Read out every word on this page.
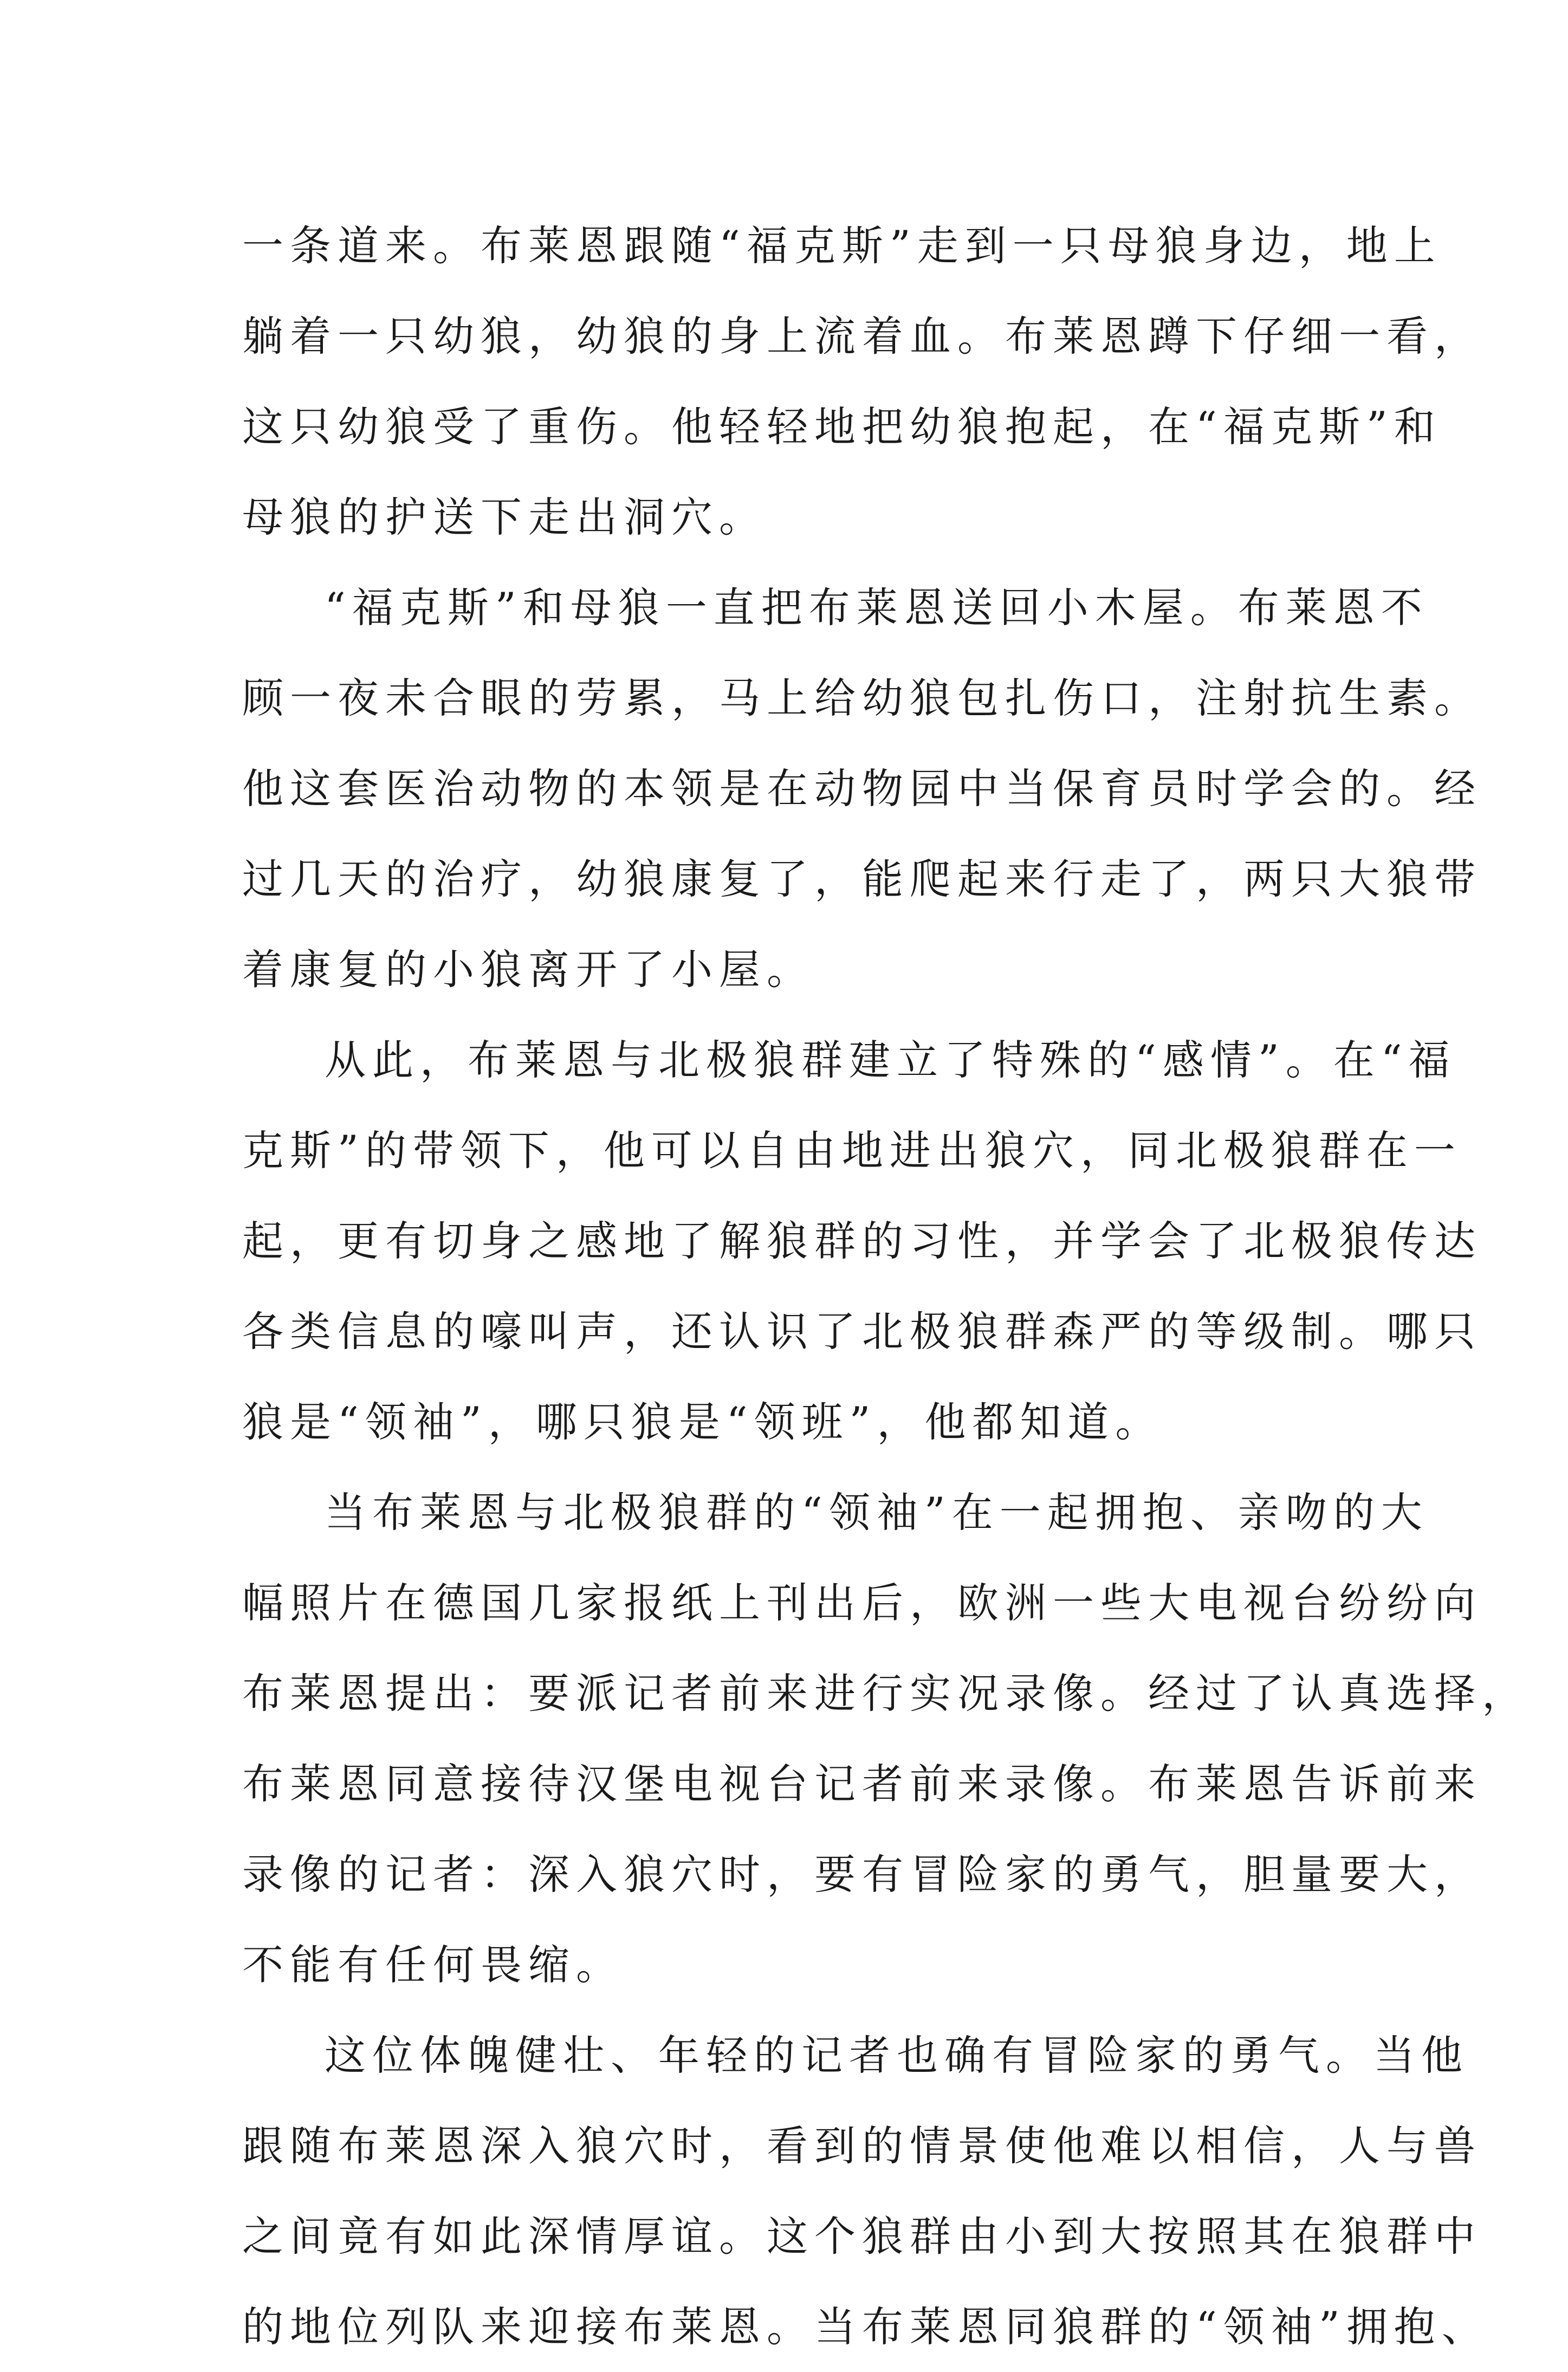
一条道来。布莱恩跟随“福克斯”走到一只母狼身边，地上
躺着一只幼狼，幼狼的身上流着血。布莱恩蹲下仔细一看，
这只幼狼受了重伤。他轻轻地把幼狼抱起，在“福克斯”和
母狼的护送下走出洞穴。
“福克斯”和母狼一直把布莱恩送回小木屋。布莱恩不
顾一夜未合眼的劳累，马上给幼狼包扎伤口，注射抗生素。
他这套医治动物的本领是在动物园中当保育员时学会的。经
过几天的治疗，幼狼康复了，能爬起来行走了，两只大狼带
着康复的小狼离开了小屋。
从此，布莱恩与北极狼群建立了特殊的“感情”。在“福
克斯”的带领下，他可以自由地进出狼穴，同北极狼群在一
起，更有切身之感地了解狼群的习性，并学会了北极狼传达
各类信息的嚎叫声，还认识了北极狼群森严的等级制。哪只
狼是“领袖”，哪只狼是“领班”，他都知道。
当布莱恩与北极狼群的“领袖”在一起拥抱、亲吻的大
幅照片在德国几家报纸上刊出后，欧洲一些大电视台纷纷向
布莱恩提出：要派记者前来进行实况录像。经过了认真选择，
布莱恩同意接待汉堡电视台记者前来录像。布莱恩告诉前来
录像的记者：深入狼穴时，要有冒险家的勇气，胆量要大，
不能有任何畏缩。
这位体魄健壮、年轻的记者也确有冒险家的勇气。当他
跟随布莱恩深入狼穴时，看到的情景使他难以相信，人与兽
之间竟有如此深情厚谊。这个狼群由小到大按照其在狼群中
的地位列队来迎接布莱恩。当布莱恩同狼群的“领袖”拥抱、
